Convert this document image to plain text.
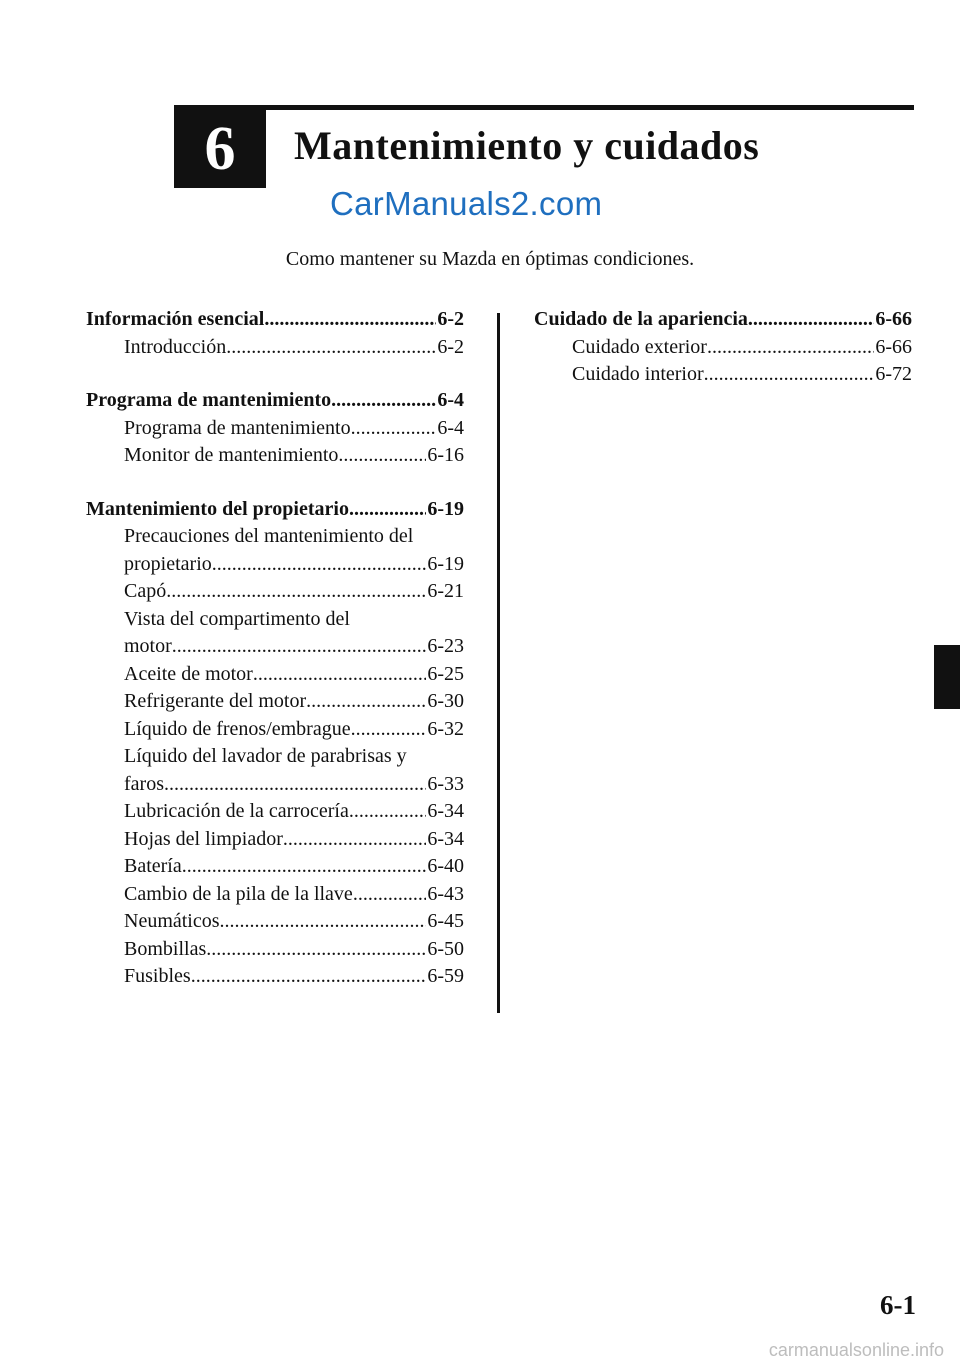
6	Mantenimiento y cuidados
CarManuals2.com
Como mantener su Mazda en óptimas condiciones.
Información esencial .....	6-2
Introducción .....	6-2
Programa de mantenimiento .....	6-4
Programa de mantenimiento .....	6-4
Monitor de mantenimiento .....	6-16
Mantenimiento del propietario .....	6-19
Precauciones del mantenimiento del
propietario .....	6-19
Capó .....	6-21
Vista del compartimento del
motor .....	6-23
Aceite de motor .....	6-25
Refrigerante del motor .....	6-30
Líquido de frenos/embrague .....	6-32
Líquido del lavador de parabrisas y
faros .....	6-33
Lubricación de la carrocería .....	6-34
Hojas del limpiador .....	6-34
Batería .....	6-40
Cambio de la pila de la llave .....	6-43
Neumáticos .....	6-45
Bombillas .....	6-50
Fusibles .....	6-59
Cuidado de la apariencia .....	6-66
Cuidado exterior .....	6-66
Cuidado interior .....	6-72
6-1
carmanualsonline.info
